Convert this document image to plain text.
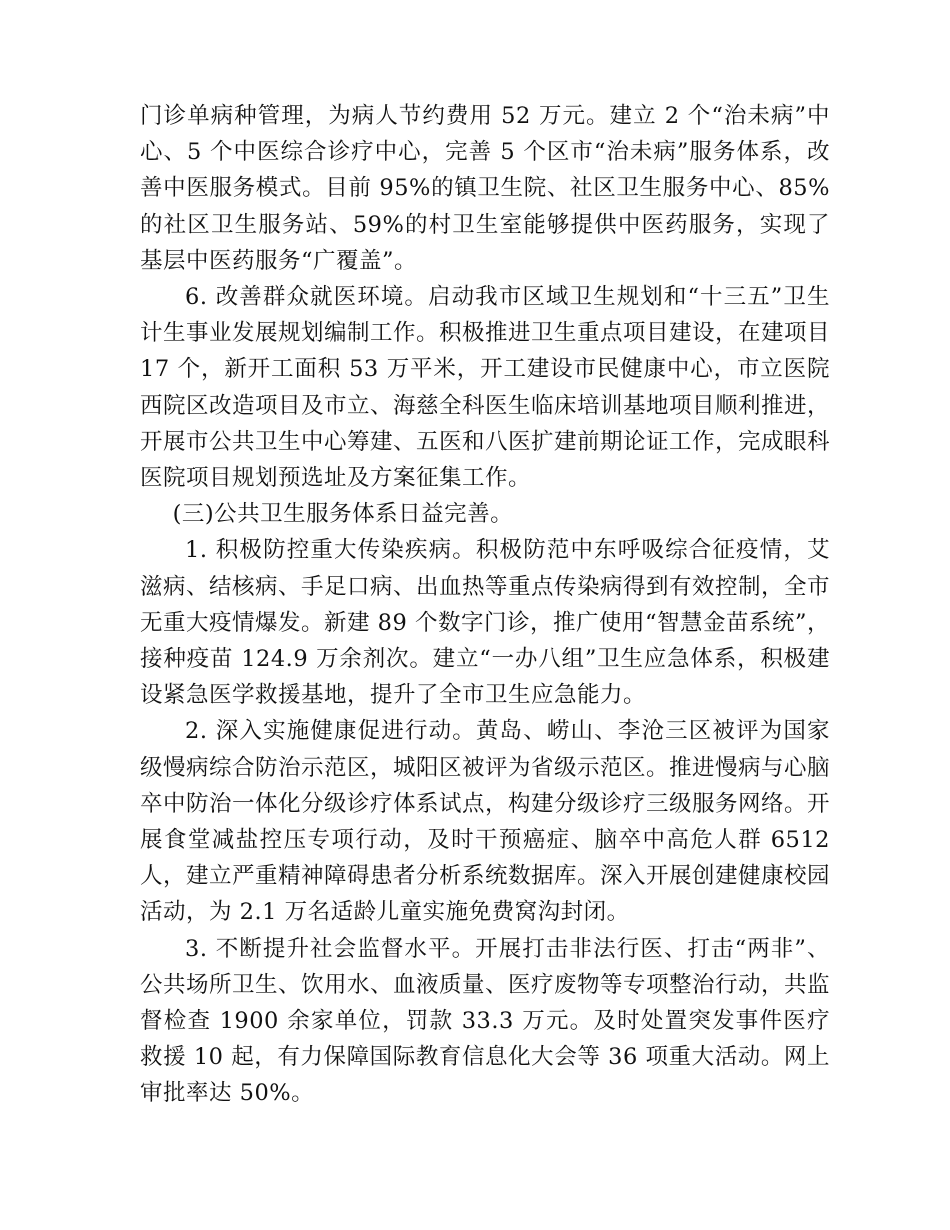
门诊单病种管理，为病人节约费用 52 万元。建立 2 个“治未病”中心、5 个中医综合诊疗中心，完善 5 个区市“治未病”服务体系，改善中医服务模式。目前 95%的镇卫生院、社区卫生服务中心、85%的社区卫生服务站、59%的村卫生室能够提供中医药服务，实现了基层中医药服务“广覆盖”。

6. 改善群众就医环境。启动我市区域卫生规划和“十三五”卫生计生事业发展规划编制工作。积极推进卫生重点项目建设，在建项目 17 个，新开工面积 53 万平米，开工建设市民健康中心，市立医院西院区改造项目及市立、海慈全科医生临床培训基地项目顺利推进，开展市公共卫生中心筹建、五医和八医扩建前期论证工作，完成眼科医院项目规划预选址及方案征集工作。

(三)公共卫生服务体系日益完善。

1. 积极防控重大传染疾病。积极防范中东呼吸综合征疫情，艾滋病、结核病、手足口病、出血热等重点传染病得到有效控制，全市无重大疫情爆发。新建 89 个数字门诊，推广使用“智慧金苗系统”，接种疫苗 124.9 万余剂次。建立“一办八组”卫生应急体系，积极建设紧急医学救援基地，提升了全市卫生应急能力。

2. 深入实施健康促进行动。黄岛、崂山、李沧三区被评为国家级慢病综合防治示范区，城阳区被评为省级示范区。推进慢病与心脑卒中防治一体化分级诊疗体系试点，构建分级诊疗三级服务网络。开展食堂减盐控压专项行动，及时干预癌症、脑卒中高危人群 6512 人，建立严重精神障碍患者分析系统数据库。深入开展创建健康校园活动，为 2.1 万名适龄儿童实施免费窝沟封闭。

3. 不断提升社会监督水平。开展打击非法行医、打击“两非”、公共场所卫生、饮用水、血液质量、医疗废物等专项整治行动，共监督检查 1900 余家单位，罚款 33.3 万元。及时处置突发事件医疗救援 10 起，有力保障国际教育信息化大会等 36 项重大活动。网上审批率达 50%。
